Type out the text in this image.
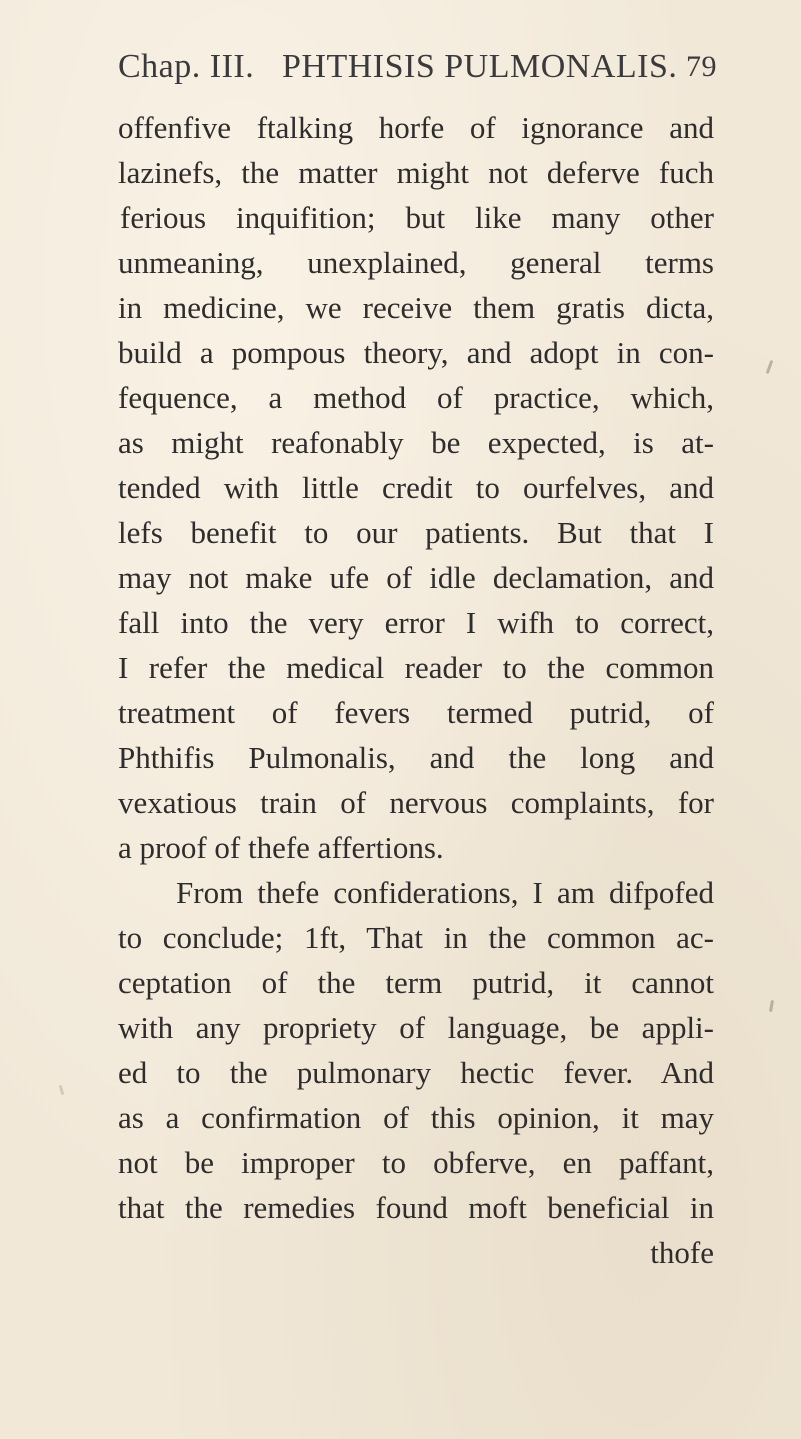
Chap. III. PHTHISIS PULMONALIS. 79
offenfive ftalking horfe of ignorance and
lazinefs, the matter might not deferve fuch
ferious inquifition; but like many other
unmeaning, unexplained, general terms
in medicine, we receive them gratis dicta,
build a pompous theory, and adopt in con-
fequence, a method of practice, which,
as might reafonably be expected, is at-
tended with little credit to ourfelves, and
lefs benefit to our patients. But that I
may not make ufe of idle declamation, and
fall into the very error I wifh to correct,
I refer the medical reader to the common
treatment of fevers termed putrid, of
Phthifis Pulmonalis, and the long and
vexatious train of nervous complaints, for
a proof of thefe affertions.
From thefe confiderations, I am difpofed
to conclude; 1ft, That in the common ac-
ceptation of the term putrid, it cannot
with any propriety of language, be appli-
ed to the pulmonary hectic fever. And
as a confirmation of this opinion, it may
not be improper to obferve, en paffant,
that the remedies found moft beneficial in
thofe
